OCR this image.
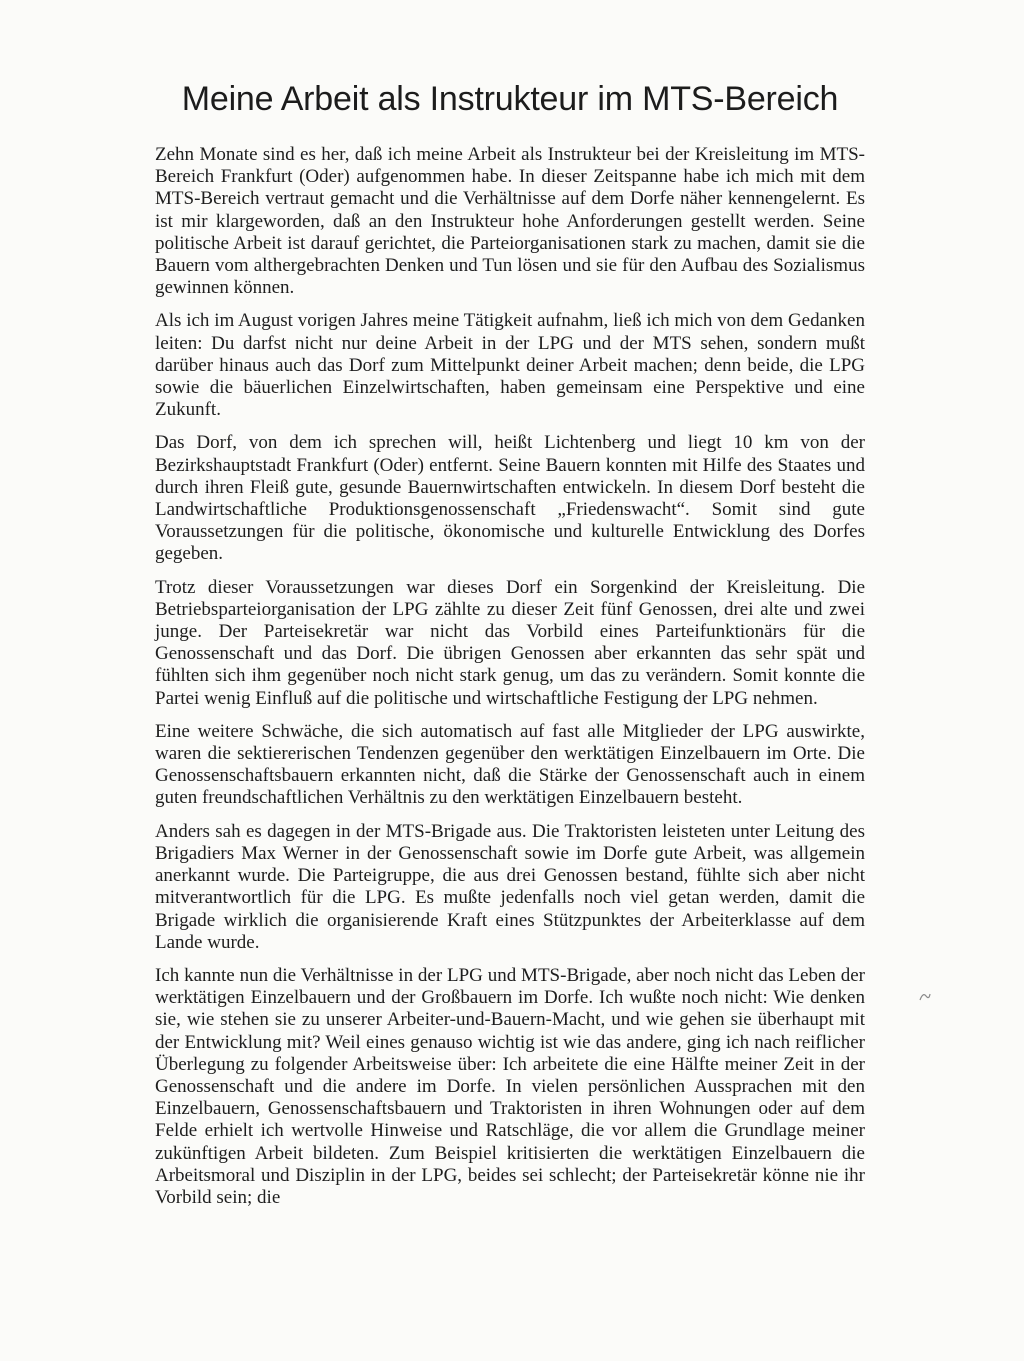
Meine Arbeit als Instrukteur im MTS-Bereich

Zehn Monate sind es her, daß ich meine Arbeit als Instrukteur bei der Kreisleitung im MTS-Bereich Frankfurt (Oder) aufgenommen habe. In dieser Zeitspanne habe ich mich mit dem MTS-Bereich vertraut gemacht und die Verhältnisse auf dem Dorfe näher kennengelernt. Es ist mir klargeworden, daß an den Instrukteur hohe Anforderungen gestellt werden. Seine politische Arbeit ist darauf gerichtet, die Parteiorganisationen stark zu machen, damit sie die Bauern vom althergebrachten Denken und Tun lösen und sie für den Aufbau des Sozialismus gewinnen können.

Als ich im August vorigen Jahres meine Tätigkeit aufnahm, ließ ich mich von dem Gedanken leiten: Du darfst nicht nur deine Arbeit in der LPG und der MTS sehen, sondern mußt darüber hinaus auch das Dorf zum Mittelpunkt deiner Arbeit machen; denn beide, die LPG sowie die bäuerlichen Einzelwirtschaften, haben gemeinsam eine Perspektive und eine Zukunft.

Das Dorf, von dem ich sprechen will, heißt Lichtenberg und liegt 10 km von der Bezirkshauptstadt Frankfurt (Oder) entfernt. Seine Bauern konnten mit Hilfe des Staates und durch ihren Fleiß gute, gesunde Bauernwirtschaften entwickeln. In diesem Dorf besteht die Landwirtschaftliche Produktionsgenossenschaft „Friedenswacht“. Somit sind gute Voraussetzungen für die politische, ökonomische und kulturelle Entwicklung des Dorfes gegeben.

Trotz dieser Voraussetzungen war dieses Dorf ein Sorgenkind der Kreisleitung. Die Betriebsparteiorganisation der LPG zählte zu dieser Zeit fünf Genossen, drei alte und zwei junge. Der Parteisekretär war nicht das Vorbild eines Parteifunktionärs für die Genossenschaft und das Dorf. Die übrigen Genossen aber erkannten das sehr spät und fühlten sich ihm gegenüber noch nicht stark genug, um das zu verändern. Somit konnte die Partei wenig Einfluß auf die politische und wirtschaftliche Festigung der LPG nehmen.

Eine weitere Schwäche, die sich automatisch auf fast alle Mitglieder der LPG auswirkte, waren die sektiererischen Tendenzen gegenüber den werktätigen Einzelbauern im Orte. Die Genossenschaftsbauern erkannten nicht, daß die Stärke der Genossenschaft auch in einem guten freundschaftlichen Verhältnis zu den werktätigen Einzelbauern besteht.

Anders sah es dagegen in der MTS-Brigade aus. Die Traktoristen leisteten unter Leitung des Brigadiers Max Werner in der Genossenschaft sowie im Dorfe gute Arbeit, was allgemein anerkannt wurde. Die Parteigruppe, die aus drei Genossen bestand, fühlte sich aber nicht mitverantwortlich für die LPG. Es mußte jedenfalls noch viel getan werden, damit die Brigade wirklich die organisierende Kraft eines Stützpunktes der Arbeiterklasse auf dem Lande wurde.

Ich kannte nun die Verhältnisse in der LPG und MTS-Brigade, aber noch nicht das Leben der werktätigen Einzelbauern und der Großbauern im Dorfe. Ich wußte noch nicht: Wie denken sie, wie stehen sie zu unserer Arbeiter-und-Bauern-Macht, und wie gehen sie überhaupt mit der Entwicklung mit? Weil eines genauso wichtig ist wie das andere, ging ich nach reiflicher Überlegung zu folgender Arbeitsweise über: Ich arbeitete die eine Hälfte meiner Zeit in der Genossenschaft und die andere im Dorfe. In vielen persönlichen Aussprachen mit den Einzelbauern, Genossenschaftsbauern und Traktoristen in ihren Wohnungen oder auf dem Felde erhielt ich wertvolle Hinweise und Ratschläge, die vor allem die Grundlage meiner zukünftigen Arbeit bildeten. Zum Beispiel kritisierten die werktätigen Einzelbauern die Arbeitsmoral und Disziplin in der LPG, beides sei schlecht; der Parteisekretär könne nie ihr Vorbild sein; die
